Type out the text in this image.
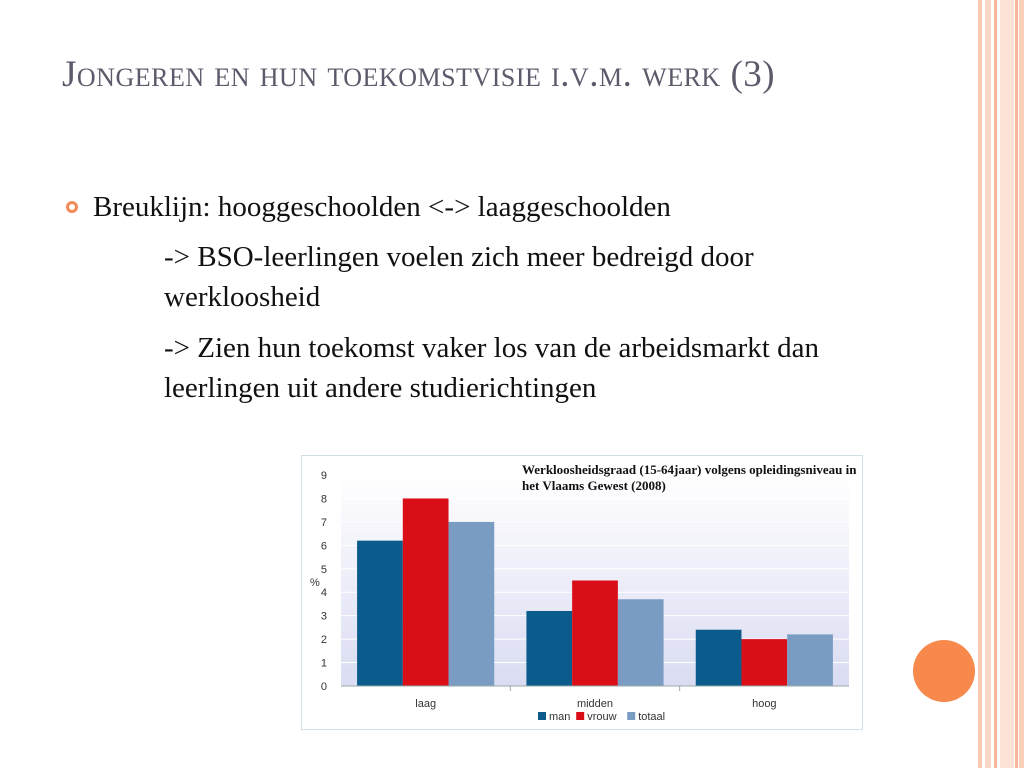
Jongeren en hun toekomstvisie i.v.m. werk (3)
Breuklijn: hooggeschoolden <-> laaggeschoolden

-> BSO-leerlingen voelen zich meer bedreigd door werkloosheid

-> Zien hun toekomst vaker los van de arbeidsmarkt dan leerlingen uit andere studierichtingen

0
1
2
3
4
5
6
7
8
9
laag	midden	hoog
%
man vrouw totaal
Werkloosheidsgraad (15-64jaar) volgens opleidingsniveau in het Vlaams Gewest (2008)
